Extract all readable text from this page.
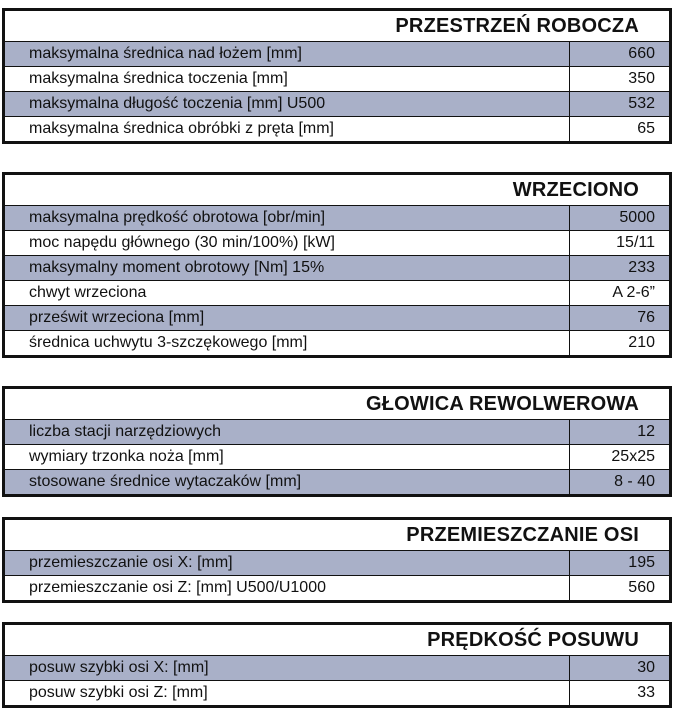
PRZESTRZEŃ ROBOCZA
maksymalna średnica nad łożem [mm]	660
maksymalna średnica toczenia [mm]	350
maksymalna długość toczenia [mm] U500	532
maksymalna średnica obróbki z pręta [mm]	65
WRZECIONO
maksymalna prędkość obrotowa [obr/min]	5000
moc napędu głównego (30 min/100%) [kW]	15/11
maksymalny moment obrotowy [Nm] 15%	233
chwyt wrzeciona	A 2-6”
prześwit wrzeciona [mm]	76
średnica uchwytu 3-szczękowego [mm]	210
GŁOWICA REWOLWEROWA
liczba stacji narzędziowych	12
wymiary trzonka noża [mm]	25x25
stosowane średnice wytaczaków [mm]	8 - 40
PRZEMIESZCZANIE OSI
przemieszczanie osi X: [mm]	195
przemieszczanie osi Z: [mm] U500/U1000	560
PRĘDKOŚĆ POSUWU
posuw szybki osi X: [mm]	30
posuw szybki osi Z: [mm]	33
